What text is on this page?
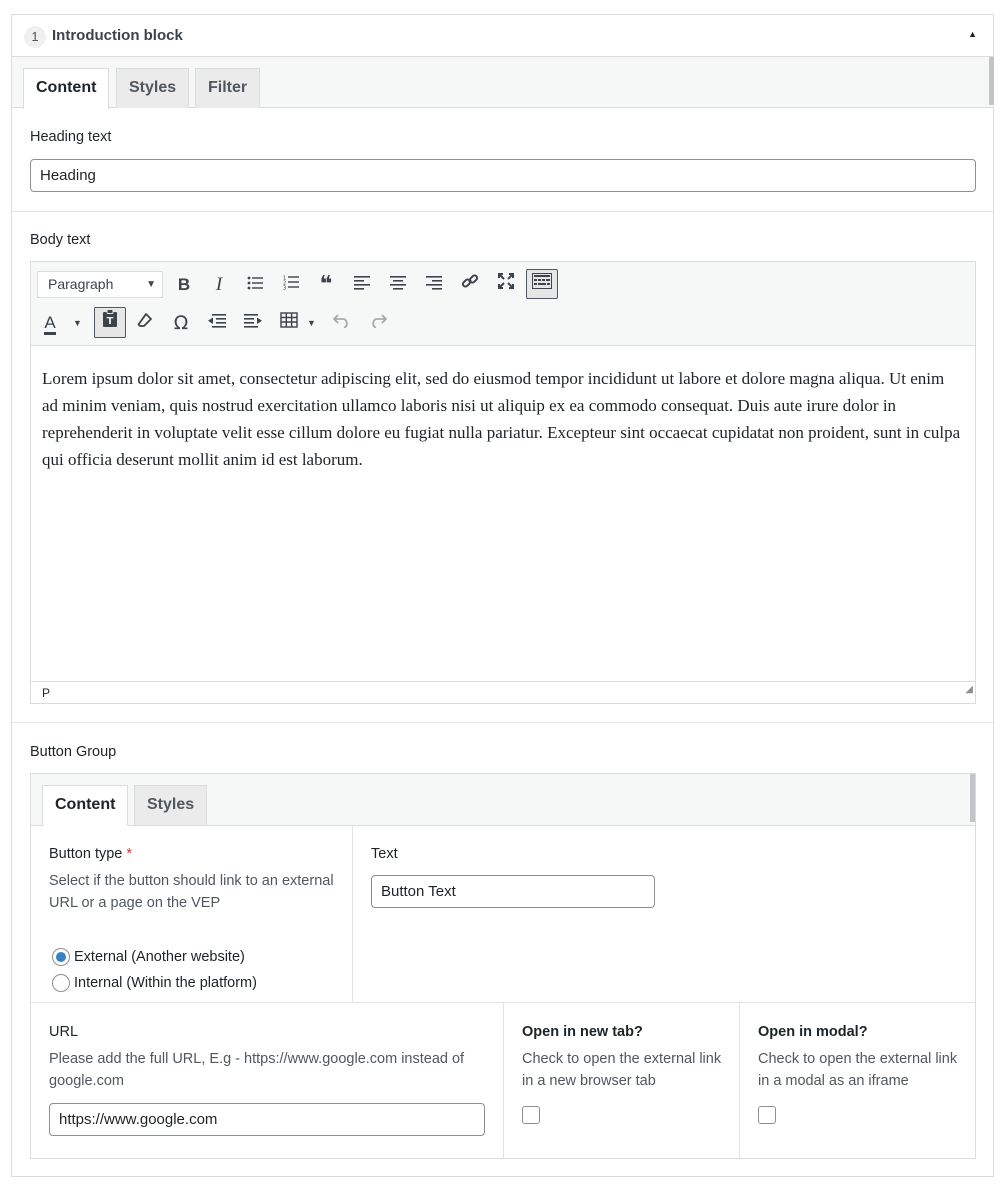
1 Introduction block	▲
Content	Styles	Filter
Heading text
Heading
Body text
Paragraph	▼	B	I	1
2
3	❝
A	▼ T	Ω	▼
Lorem ipsum dolor sit amet, consectetur adipiscing elit, sed do eiusmod tempor incididunt ut labore et dolore magna aliqua. Ut enim ad minim veniam, quis nostrud exercitation ullamco laboris nisi ut aliquip ex ea commodo consequat. Duis aute irure dolor in reprehenderit in voluptate velit esse cillum dolore eu fugiat nulla pariatur. Excepteur sint occaecat cupidatat non proident, sunt in culpa qui officia deserunt mollit anim id est laborum.
P	◢
Button Group
Content	Styles
Button type *
Select if the button should link to an external URL or a page on the VEP
External (Another website)
Internal (Within the platform)
Text
Button Text
URL
Please add the full URL, E.g - https://www.google.com instead of google.com
https://www.google.com
Open in new tab?
Check to open the external link in a new browser tab
Open in modal?
Check to open the external link in a modal as an iframe
